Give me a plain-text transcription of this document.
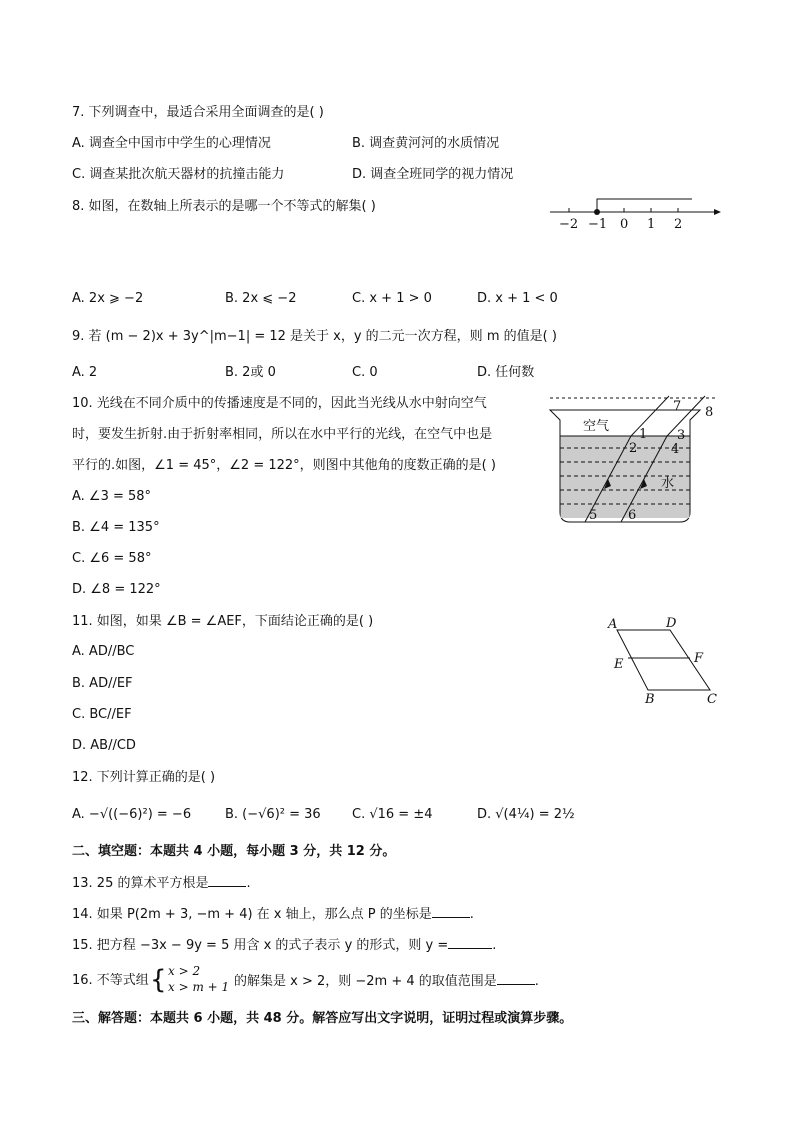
7. 下列调查中，最适合采用全面调查的是( )
A. 调查全中国市中学生的心理情况	B. 调查黄河河的水质情况
C. 调查某批次航天器材的抗撞击能力	D. 调查全班同学的视力情况
8. 如图，在数轴上所表示的是哪一个不等式的解集( )
−2 −1 0 1 2
A. 2x ⩾ −2	B. 2x ⩽ −2	C. x + 1 > 0	D. x + 1 < 0
9. 若 (m − 2)x + 3y^|m−1| = 12 是关于 x，y 的二元一次方程，则 m 的值是( )
A. 2	B. 2或 0	C. 0	D. 任何数
10. 光线在不同介质中的传播速度是不同的，因此当光线从水中射向空气
时，要发生折射.由于折射率相同，所以在水中平行的光线，在空气中也是
平行的.如图，∠1 = 45°，∠2 = 122°，则图中其他角的度数正确的是( )
A. ∠3 = 58°
B. ∠4 = 135°
C. ∠6 = 58°
D. ∠8 = 122°
空气
水
1
2
3
4
5 6
7 8
11. 如图，如果 ∠B = ∠AEF，下面结论正确的是( )
A. AD//BC
B. AD//EF
C. BC//EF
D. AB//CD
A	D
E	F
B	C
12. 下列计算正确的是( )
A. −√((−6)²) = −6	B. (−√6)² = 36 C. √16 = ±4	D. √(4¼) = 2½
二、填空题：本题共 4 小题，每小题 3 分，共 12 分。
13. 25 的算术平方根是	.
14. 如果 P(2m + 3, −m + 4) 在 x 轴上，那么点 P 的坐标是	.
15. 把方程 −3x − 9y = 5 用含 x 的式子表示 y 的形式，则 y =	.
16. 不等式组 { x > 2
x > m + 1 的解集是 x > 2，则 −2m + 4 的取值范围是	.
三、解答题：本题共 6 小题，共 48 分。解答应写出文字说明，证明过程或演算步骤。
